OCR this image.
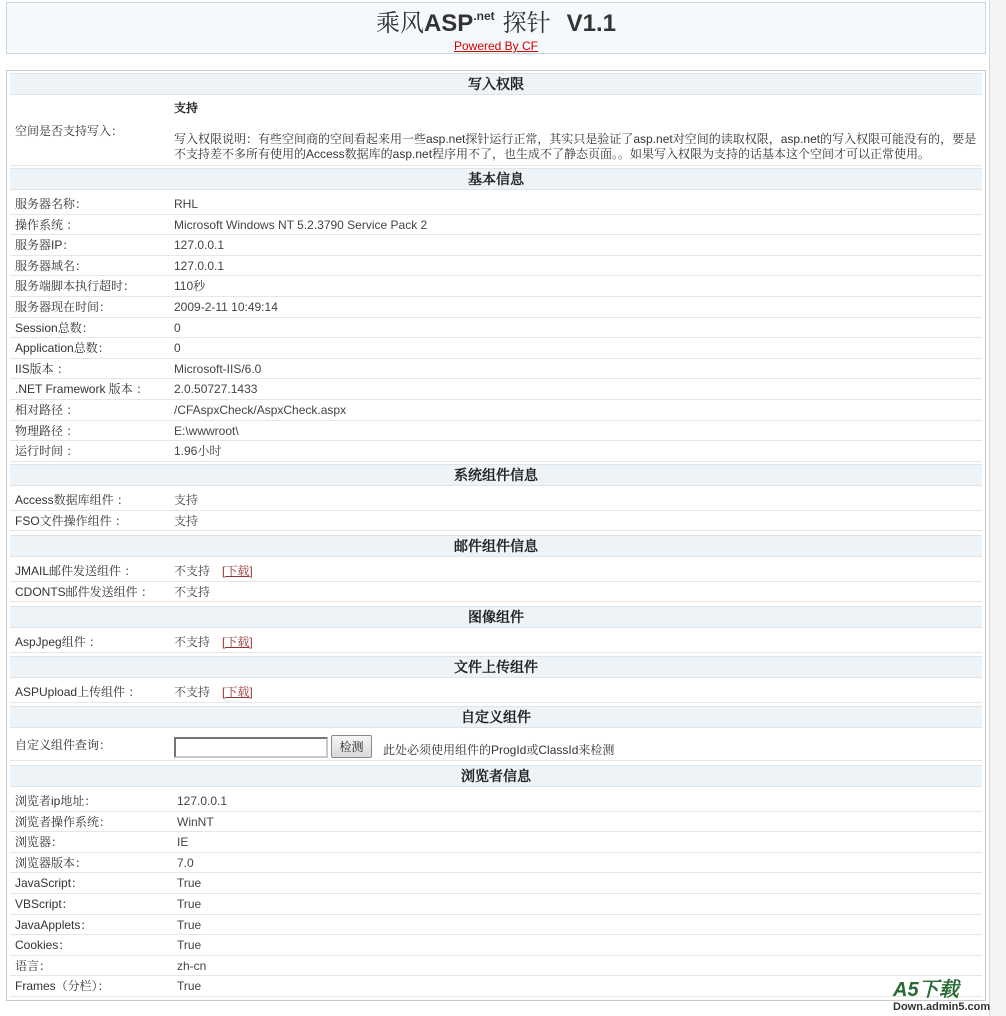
乘风$ASP^{.net}$ 探针 V1.1
Powered By CF
写入权限
空间是否支持写入：
支持
写入权限说明：有些空间商的空间看起来用一些asp.net探针运行正常，其实只是验证了asp.net对空间的读取权限，asp.net的写入权限可能没有的，要是不支持差不多所有使用的Access数据库的asp.net程序用不了，也生成不了静态页面。。如果写入权限为支持的话基本这个空间才可以正常使用。
基本信息
服务器名称：	RHL
操作系统 ：	Microsoft Windows NT 5.2.3790 Service Pack 2
服务器IP：	127.0.0.1
服务器域名：	127.0.0.1
服务端脚本执行超时：	110秒
服务器现在时间：	2009-2-11 10:49:14
Session总数：	0
Application总数：	0
IIS版本 ：	Microsoft-IIS/6.0
.NET Framework 版本 ： 2.0.50727.1433
相对路径 ：	/CFAspxCheck/AspxCheck.aspx
物理路径 ：	E:\wwwroot\
运行时间 ：	1.96小时
系统组件信息
Access数据库组件 ：	支持
FSO文件操作组件 ：	支持
邮件组件信息
JMAIL邮件发送组件 ：	不支持 [下载]
CDONTS邮件发送组件 ： 不支持
图像组件
AspJpeg组件 ：	不支持 [下载]
文件上传组件
ASPUpload上传组件 ：	不支持 [下载]
自定义组件
自定义组件查询：	检测	此处必须使用组件的ProgId或ClassId来检测
浏览者信息
浏览者ip地址：	127.0.0.1
浏览者操作系统：	WinNT
浏览器：	IE
浏览器版本：	7.0
JavaScript：	True
VBScript：	True
JavaApplets：	True
Cookies：	True
语言：	zh-cn
Frames（分栏）：	True	A5下载
Down.admin5.com
